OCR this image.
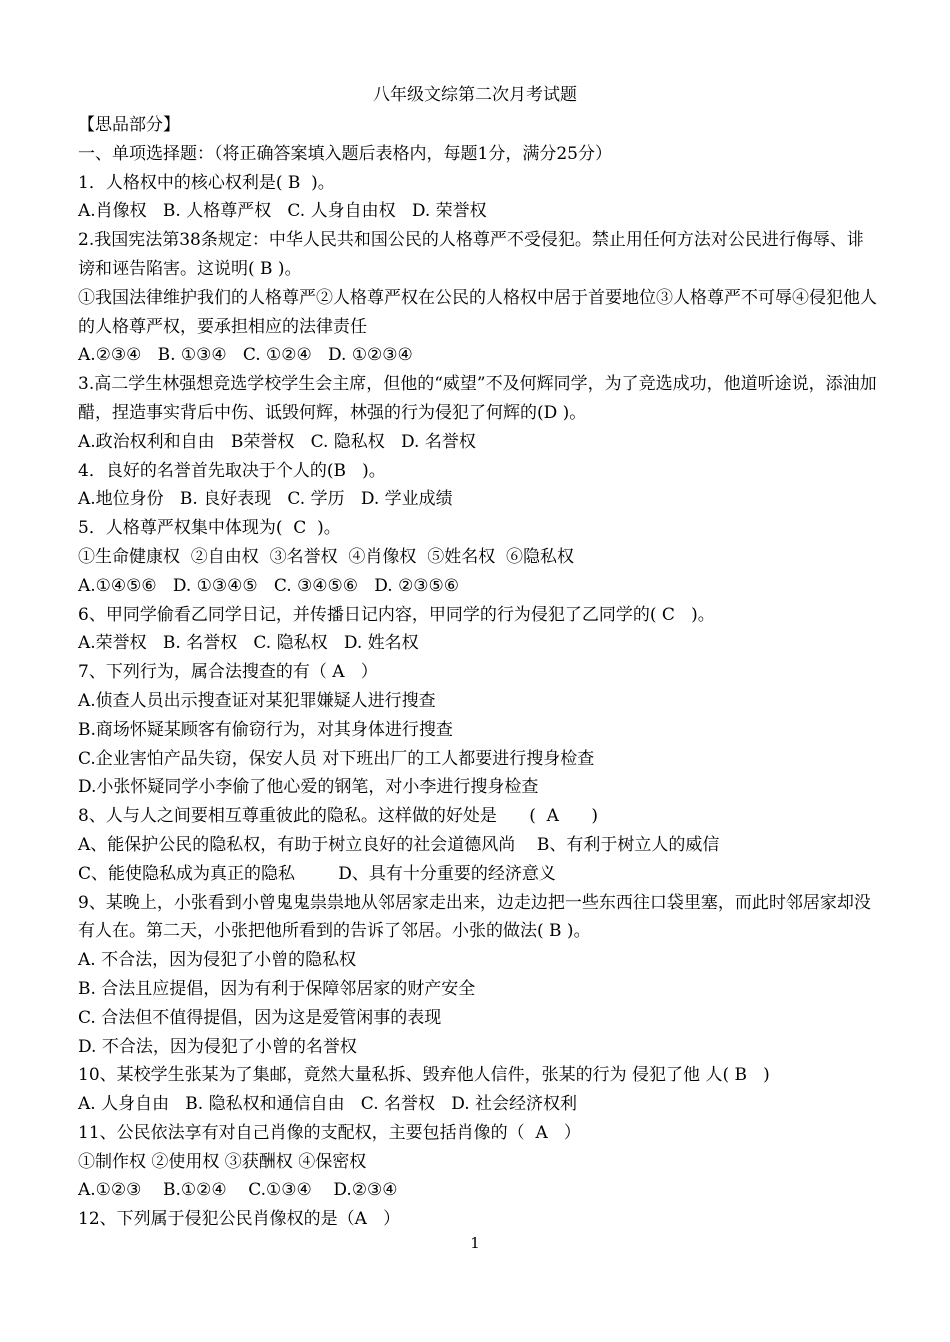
八年级文综第二次月考试题
【思品部分】
一、单项选择题：（将正确答案填入题后表格内，每题1分，满分25分）
1．人格权中的核心权利是( B  )。
A.肖像权   B. 人格尊严权   C. 人身自由权   D. 荣誉权
2.我国宪法第38条规定：中华人民共和国公民的人格尊严不受侵犯。禁止用任何方法对公民进行侮辱、诽谤和诬告陷害。这说明( B )。
①我国法律维护我们的人格尊严②人格尊严权在公民的人格权中居于首要地位③人格尊严不可辱④侵犯他人的人格尊严权，要承担相应的法律责任
A.②③④   B. ①③④   C. ①②④   D. ①②③④
3.高二学生林强想竞选学校学生会主席，但他的“威望”不及何辉同学，为了竞选成功，他道听途说，添油加醋，捏造事实背后中伤、诋毁何辉，林强的行为侵犯了何辉的(D )。
A.政治权利和自由   B荣誉权   C. 隐私权   D. 名誉权
4．良好的名誉首先取决于个人的(B   )。
A.地位身份   B. 良好表现   C. 学历   D. 学业成绩
5．人格尊严权集中体现为(  C  )。
①生命健康权  ②自由权  ③名誉权  ④肖像权  ⑤姓名权  ⑥隐私权
A.①④⑤⑥   D. ①③④⑤   C. ③④⑤⑥   D. ②③⑤⑥
6、甲同学偷看乙同学日记，并传播日记内容，甲同学的行为侵犯了乙同学的( C   )。
A.荣誉权   B. 名誉权   C. 隐私权   D. 姓名权
7、下列行为，属合法搜查的有（ A   ）
A.侦查人员出示搜查证对某犯罪嫌疑人进行搜查
B.商场怀疑某顾客有偷窃行为，对其身体进行搜查
C.企业害怕产品失窃，保安人员 对下班出厂的工人都要进行搜身检查
D.小张怀疑同学小李偷了他心爱的钢笔，对小李进行搜身检查
8、人与人之间要相互尊重彼此的隐私。这样做的好处是      (  A      )
A、能保护公民的隐私权，有助于树立良好的社会道德风尚    B、有利于树立人的威信
C、能使隐私成为真正的隐私        D、具有十分重要的经济意义
9、某晚上，小张看到小曾鬼鬼祟祟地从邻居家走出来，边走边把一些东西往口袋里塞，而此时邻居家却没有人在。第二天，小张把他所看到的告诉了邻居。小张的做法( B )。
A. 不合法，因为侵犯了小曾的隐私权
B. 合法且应提倡，因为有利于保障邻居家的财产安全
C. 合法但不值得提倡，因为这是爱管闲事的表现
D. 不合法，因为侵犯了小曾的名誉权
10、某校学生张某为了集邮，竟然大量私拆、毁弃他人信件，张某的行为 侵犯了他 人( B   )
A. 人身自由   B. 隐私权和通信自由   C. 名誉权   D. 社会经济权利
11、公民依法享有对自己肖像的支配权，主要包括肖像的（  A   ）
①制作权 ②使用权 ③获酬权 ④保密权
A.①②③    B.①②④    C.①③④    D.②③④
12、下列属于侵犯公民肖像权的是（A   ）
1
